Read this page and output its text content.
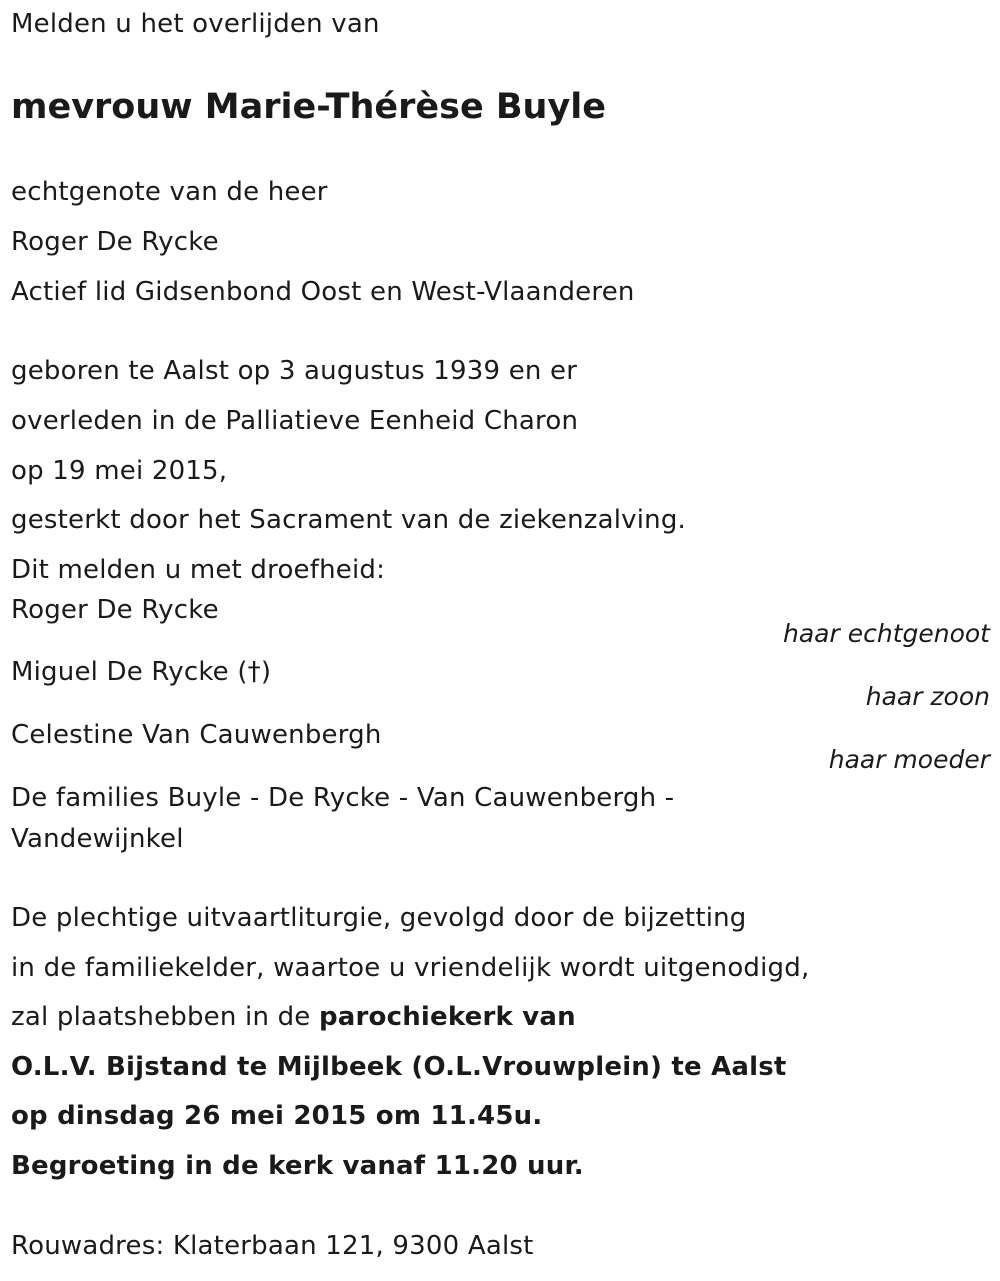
Melden u het overlijden van
mevrouw Marie-Thérèse Buyle
echtgenote van de heer
Roger De Rycke
Actief lid Gidsenbond Oost en West-Vlaanderen
geboren te Aalst op 3 augustus 1939 en er
overleden in de Palliatieve Eenheid Charon
op 19 mei 2015,
gesterkt door het Sacrament van de ziekenzalving.
Dit melden u met droefheid:
Roger De Rycke
haar echtgenoot
Miguel De Rycke (†)
haar zoon
Celestine Van Cauwenbergh
haar moeder
De families Buyle - De Rycke - Van Cauwenbergh -
Vandewijnkel
De plechtige uitvaartliturgie, gevolgd door de bijzetting
in de familiekelder, waartoe u vriendelijk wordt uitgenodigd,
zal plaatshebben in de parochiekerk van
O.L.V. Bijstand te Mijlbeek (O.L.Vrouwplein) te Aalst
op dinsdag 26 mei 2015 om 11.45u.
Begroeting in de kerk vanaf 11.20 uur.
Rouwadres: Klaterbaan 121, 9300 Aalst
